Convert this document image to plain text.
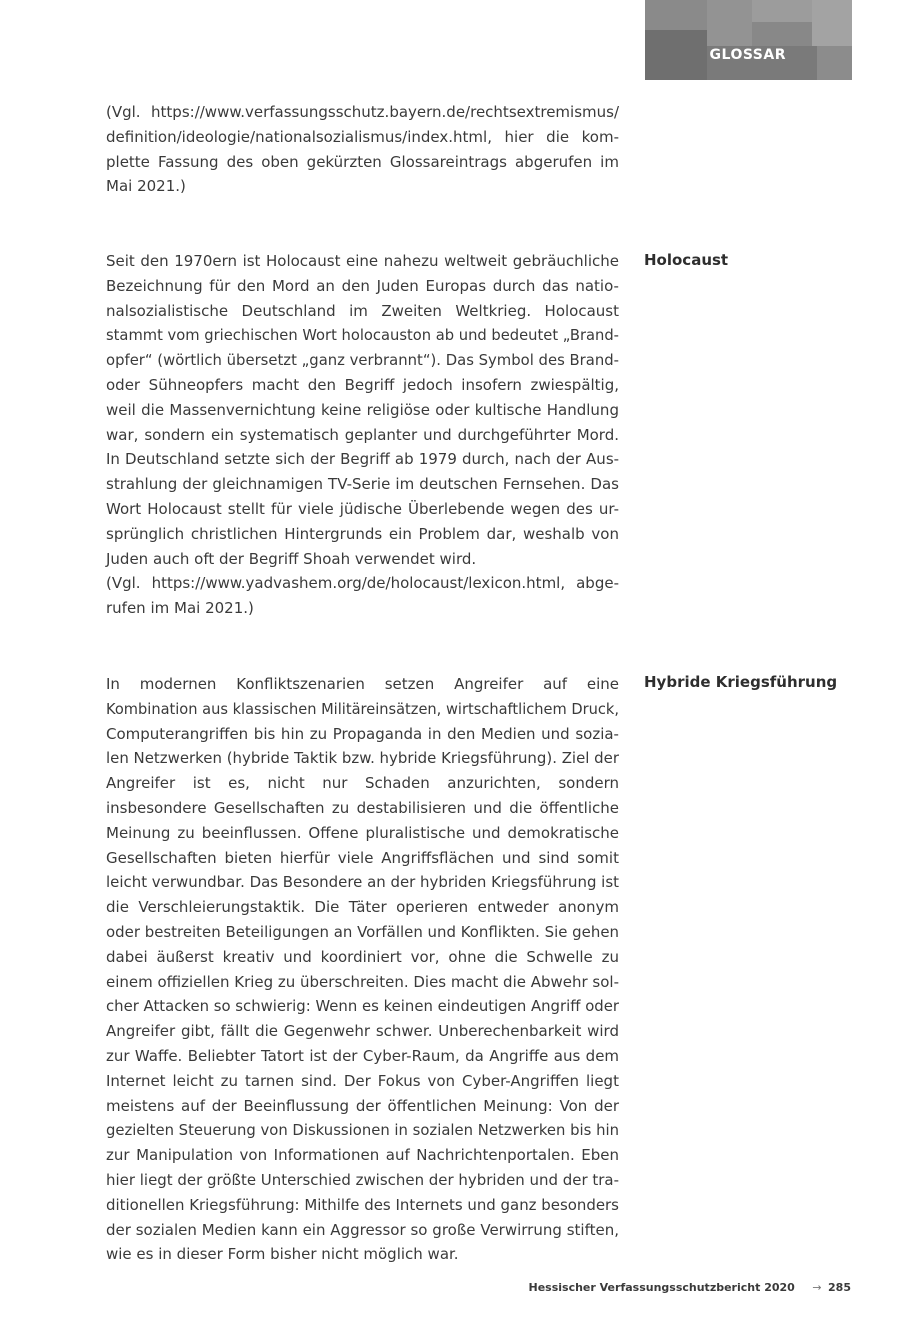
GLOSSAR

(Vgl. https://www.verfassungsschutz.bayern.de/rechtsextremismus/

definition/ideologie/nationalsozialismus/index.html, hier die kom-

plette Fassung des oben gekürzten Glossareintrags abgerufen im

Mai 2021.)

Holocaust

Seit den 1970ern ist Holocaust eine nahezu weltweit gebräuchliche

Bezeichnung für den Mord an den Juden Europas durch das natio-

nalsozialistische Deutschland im Zweiten Weltkrieg. Holocaust

stammt vom griechischen Wort holocauston ab und bedeutet „Brand-

opfer“ (wörtlich übersetzt „ganz verbrannt“). Das Symbol des Brand-

oder Sühneopfers macht den Begriff jedoch insofern zwiespältig,

weil die Massenvernichtung keine religiöse oder kultische Handlung

war, sondern ein systematisch geplanter und durchgeführter Mord.

In Deutschland setzte sich der Begriff ab 1979 durch, nach der Aus-

strahlung der gleichnamigen TV-Serie im deutschen Fernsehen. Das

Wort Holocaust stellt für viele jüdische Überlebende wegen des ur-

sprünglich christlichen Hintergrunds ein Problem dar, weshalb von

Juden auch oft der Begriff Shoah verwendet wird.

(Vgl. https://www.yadvashem.org/de/holocaust/lexicon.html, abge-

rufen im Mai 2021.)

Hybride Kriegsführung

In modernen Konfliktszenarien setzen Angreifer auf eine

Kombination aus klassischen Militäreinsätzen, wirtschaftlichem Druck,

Computerangriffen bis hin zu Propaganda in den Medien und sozia-

len Netzwerken (hybride Taktik bzw. hybride Kriegsführung). Ziel der

Angreifer ist es, nicht nur Schaden anzurichten, sondern

insbesondere Gesellschaften zu destabilisieren und die öffentliche

Meinung zu beeinflussen. Offene pluralistische und demokratische

Gesellschaften bieten hierfür viele Angriffsflächen und sind somit

leicht verwundbar. Das Besondere an der hybriden Kriegsführung ist

die Verschleierungstaktik. Die Täter operieren entweder anonym

oder bestreiten Beteiligungen an Vorfällen und Konflikten. Sie gehen

dabei äußerst kreativ und koordiniert vor, ohne die Schwelle zu

einem offiziellen Krieg zu überschreiten. Dies macht die Abwehr sol-

cher Attacken so schwierig: Wenn es keinen eindeutigen Angriff oder

Angreifer gibt, fällt die Gegenwehr schwer. Unberechenbarkeit wird

zur Waffe. Beliebter Tatort ist der Cyber-Raum, da Angriffe aus dem

Internet leicht zu tarnen sind. Der Fokus von Cyber-Angriffen liegt

meistens auf der Beeinflussung der öffentlichen Meinung: Von der

gezielten Steuerung von Diskussionen in sozialen Netzwerken bis hin

zur Manipulation von Informationen auf Nachrichtenportalen. Eben

hier liegt der größte Unterschied zwischen der hybriden und der tra-

ditionellen Kriegsführung: Mithilfe des Internets und ganz besonders

der sozialen Medien kann ein Aggressor so große Verwirrung stiften,

wie es in dieser Form bisher nicht möglich war.

Hessischer Verfassungsschutzbericht 2020 → 285
